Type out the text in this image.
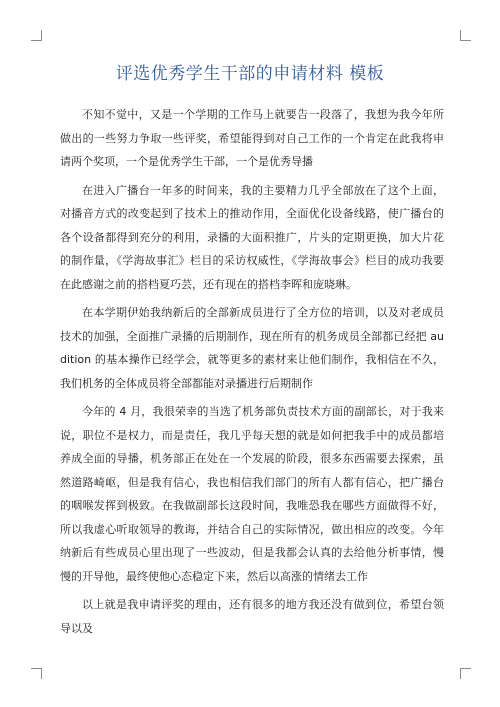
评选优秀学生干部的申请材料 模板

不知不觉中，又是一个学期的工作马上就要告一段落了，我想为我今年所做出的一些努力争取一些评奖，希望能得到对自己工作的一个肯定在此我将申请两个奖项，一个是优秀学生干部，一个是优秀导播

在进入广播台一年多的时间来，我的主要精力几乎全部放在了这个上面，对播音方式的改变起到了技术上的推动作用，全面优化设备线路，使广播台的各个设备都得到充分的利用，录播的大面积推广，片头的定期更换，加大片花的制作量，《学海故事汇》栏目的采访权威性，《学海故事会》栏目的成功我要在此感谢之前的搭档夏巧芸，还有现在的搭档李晖和庞晓琳。

在本学期伊始我纳新后的全部新成员进行了全方位的培训，以及对老成员技术的加强，全面推广录播的后期制作，现在所有的机务成员全部都已经把 audition 的基本操作已经学会，就等更多的素材来让他们制作，我相信在不久，我们机务的全体成员将全部都能对录播进行后期制作

今年的 4 月，我很荣幸的当选了机务部负责技术方面的副部长，对于我来说，职位不是权力，而是责任，我几乎每天想的就是如何把我手中的成员都培养成全面的导播，机务部正在处在一个发展的阶段，很多东西需要去探索，虽然道路崎岖，但是我有信心，我也相信我们部门的所有人都有信心，把广播台的咽喉发挥到极致。在我做副部长这段时间，我唯恐我在哪些方面做得不好，所以我虚心听取领导的教诲，并结合自己的实际情况，做出相应的改变。今年纳新后有些成员心里出现了一些波动，但是我都会认真的去给他分析事情，慢慢的开导他，最终使他心态稳定下来，然后以高涨的情绪去工作

以上就是我申请评奖的理由，还有很多的地方我还没有做到位，希望台领导以及
